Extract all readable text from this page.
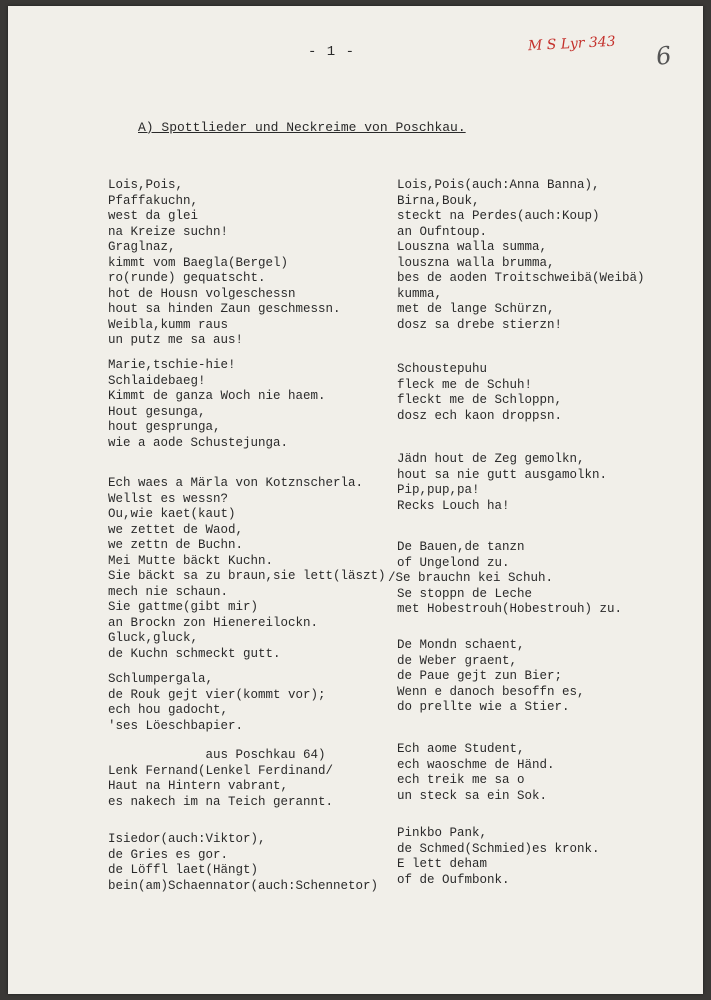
- 1 -	M S Lyr 343 6
A) Spottlieder und Neckreime von Poschkau.
Lois,Pois,
Pfaffakuchn,
west da glei
na Kreize suchn!
Graglnaz,
kimmt vom Baegla(Bergel)
ro(runde) gequatscht.
hot de Housn volgeschessn
hout sa hinden Zaun geschmessn.
Weibla,kumm raus
un putz me sa aus!
Marie,tschie-hie!
Schlaidebaeg!
Kimmt de ganza Woch nie haem.
Hout gesunga,
hout gesprunga,
wie a aode Schustejunga.
Ech waes a Märla von Kotznscherla.
Wellst es wessn?
Ou,wie kaet(kaut)
we zettet de Waod,
we zettn de Buchn.
Mei Mutte bäckt Kuchn.
Sie bäckt sa zu braun,sie lett(läszt)
mech nie schaun.
Sie gattme(gibt mir)
an Brockn zon Hienereilockn.
Gluck,gluck,
de Kuchn schmeckt gutt.
Schlumpergala,
de Rouk gejt vier(kommt vor);
ech hou gadocht,
'ses Löeschbapier.
aus Poschkau 64)
Lenk Fernand(Lenkel Ferdinand/
Haut na Hintern vabrant,
es nakech im na Teich gerannt.
Isiedor(auch:Viktor),
de Gries es gor.
de Löffl laet(Hängt)
bein(am)Schaennator(auch:Schennetor)
Lois,Pois(auch:Anna Banna),
Birna,Bouk,
steckt na Perdes(auch:Koup)
an Oufntoup.
Louszna walla summa,
louszna walla brumma,
bes de aoden Troitschweibä(Weibä)
kumma,
met de lange Schürzn,
dosz sa drebe stierzn!
Schoustepuhu
fleck me de Schuh!
fleckt me de Schloppn,
dosz ech kaon droppsn.
Jädn hout de Zeg gemolkn,
hout sa nie gutt ausgamolkn.
Pip,pup,pa!
Recks Louch ha!
De Bauen,de tanzn
of Ungelond zu.
/Se brauchn kei Schuh.
Se stoppn de Leche
met Hobestrouh(Hobestrouh) zu.
De Mondn schaent,
de Weber graent,
de Paue gejt zun Bier;
Wenn e danoch besoffn es,
do prellte wie a Stier.
Ech aome Student,
ech waoschme de Händ.
ech treik me sa o
un steck sa ein Sok.
Pinkbo Pank,
de Schmed(Schmied)es kronk.
E lett deham
of de Oufmbonk.
